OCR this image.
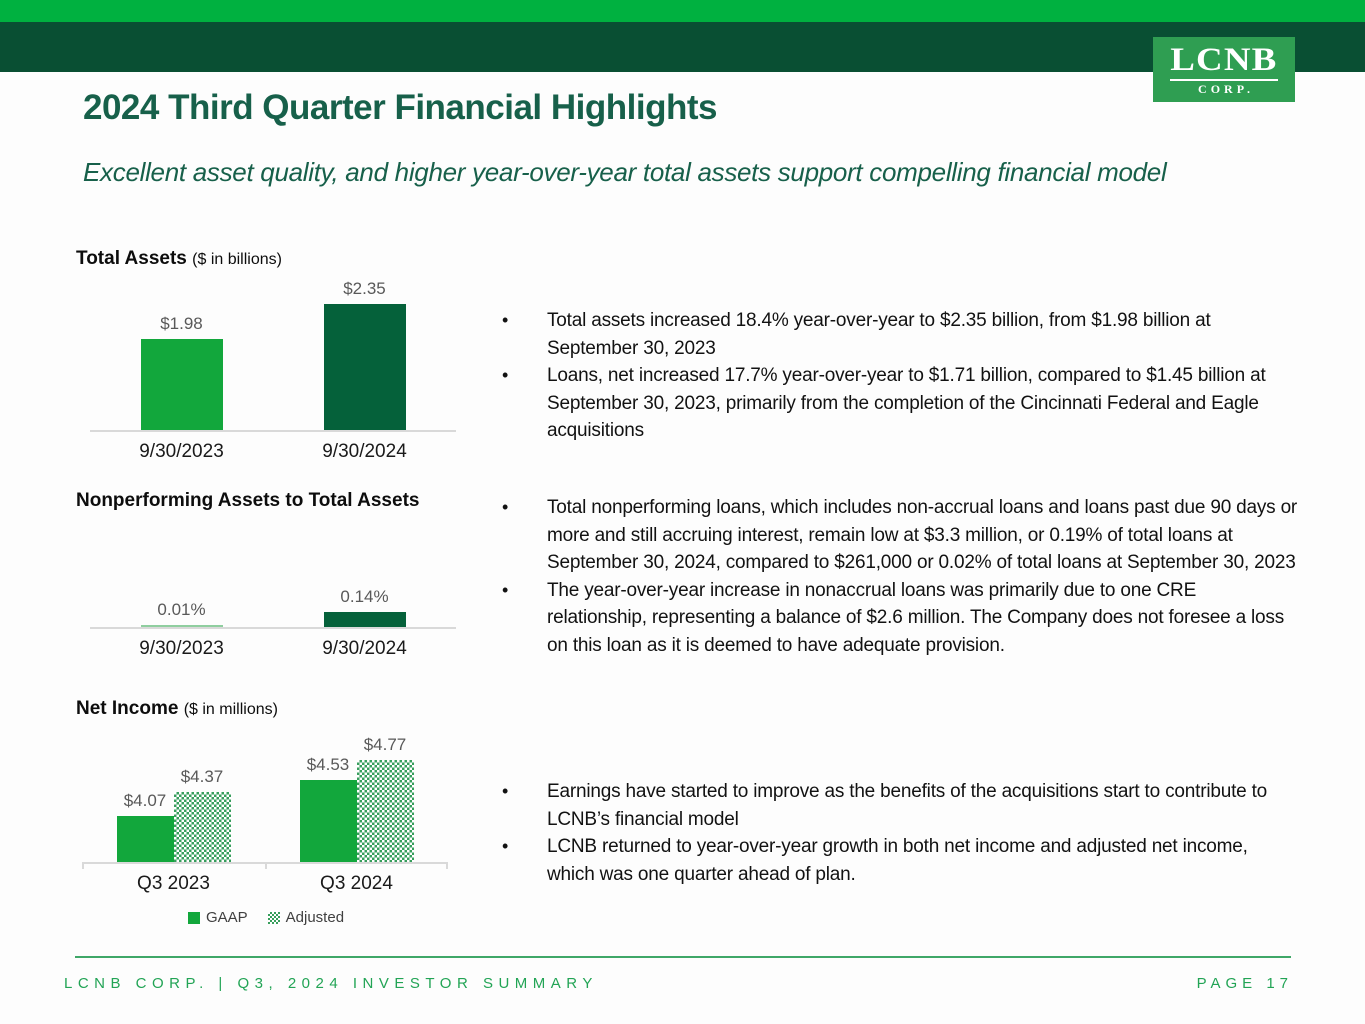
LCNB
CORP.
2024 Third Quarter Financial Highlights
Excellent asset quality, and higher year-over-year total assets support compelling financial model
Total Assets ($ in billions)
$1.98
$2.35
9/30/2023	9/30/2024
Nonperforming Assets to Total Assets
0.01%
0.14%
9/30/2023	9/30/2024
Net Income ($ in millions)
$4.07
$4.37
$4.53
$4.77
Q3 2023	Q3 2024
GAAP	Adjusted
• Total assets increased 18.4% year-over-year to $2.35 billion, from $1.98 billion at September 30, 2023
• Loans, net increased 17.7% year-over-year to $1.71 billion, compared to $1.45 billion at September 30, 2023, primarily from the completion of the Cincinnati Federal and Eagle acquisitions
• Total nonperforming loans, which includes non-accrual loans and loans past due 90 days or more and still accruing interest, remain low at $3.3 million, or 0.19% of total loans at September 30, 2024, compared to $261,000 or 0.02% of total loans at September 30, 2023
• The year-over-year increase in nonaccrual loans was primarily due to one CRE relationship, representing a balance of $2.6 million. The Company does not foresee a loss on this loan as it is deemed to have adequate provision.
• Earnings have started to improve as the benefits of the acquisitions start to contribute to LCNB’s financial model
• LCNB returned to year-over-year growth in both net income and adjusted net income, which was one quarter ahead of plan.
LCNB CORP. | Q3, 2024 INVESTOR SUMMARY	PAGE 17
